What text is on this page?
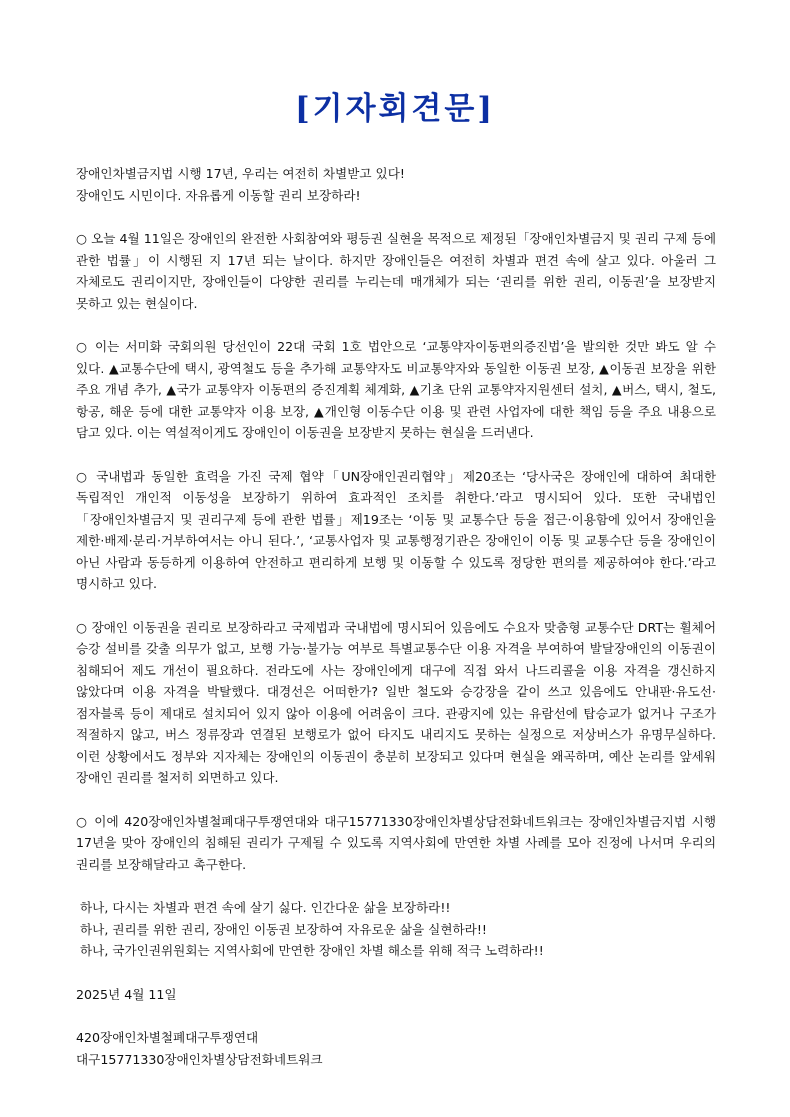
[기자회견문]

장애인차별금지법 시행 17년, 우리는 여전히 차별받고 있다!

장애인도 시민이다. 자유롭게 이동할 권리 보장하라!

○ 오늘 4월 11일은 장애인의 완전한 사회참여와 평등권 실현을 목적으로 제정된「장애인차별금지 및 권리 구제 등에 관한 법률」이 시행된 지 17년 되는 날이다. 하지만 장애인들은 여전히 차별과 편견 속에 살고 있다. 아울러 그 자체로도 권리이지만, 장애인들이 다양한 권리를 누리는데 매개체가 되는 ‘권리를 위한 권리, 이동권’을 보장받지 못하고 있는 현실이다.

○ 이는 서미화 국회의원 당선인이 22대 국회 1호 법안으로 ‘교통약자이동편의증진법’을 발의한 것만 봐도 알 수 있다. ▲교통수단에 택시, 광역철도 등을 추가해 교통약자도 비교통약자와 동일한 이동권 보장, ▲이동권 보장을 위한 주요 개념 추가, ▲국가 교통약자 이동편의 증진계획 체계화, ▲기초 단위 교통약자지원센터 설치, ▲버스, 택시, 철도, 항공, 해운 등에 대한 교통약자 이용 보장, ▲개인형 이동수단 이용 및 관련 사업자에 대한 책임 등을 주요 내용으로 담고 있다. 이는 역설적이게도 장애인이 이동권을 보장받지 못하는 현실을 드러낸다.

○ 국내법과 동일한 효력을 가진 국제 협약「UN장애인권리협약」제20조는 ‘당사국은 장애인에 대하여 최대한 독립적인 개인적 이동성을 보장하기 위하여 효과적인 조치를 취한다.’라고 명시되어 있다. 또한 국내법인「장애인차별금지 및 권리구제 등에 관한 법률」제19조는 ‘이동 및 교통수단 등을 접근·이용함에 있어서 장애인을 제한·배제·분리·거부하여서는 아니 된다.’, ‘교통사업자 및 교통행정기관은 장애인이 이동 및 교통수단 등을 장애인이 아닌 사람과 동등하게 이용하여 안전하고 편리하게 보행 및 이동할 수 있도록 정당한 편의를 제공하여야 한다.’라고 명시하고 있다.

○ 장애인 이동권을 권리로 보장하라고 국제법과 국내법에 명시되어 있음에도 수요자 맞춤형 교통수단 DRT는 휠체어 승강 설비를 갖출 의무가 없고, 보행 가능·불가능 여부로 특별교통수단 이용 자격을 부여하여 발달장애인의 이동권이 침해되어 제도 개선이 필요하다. 전라도에 사는 장애인에게 대구에 직접 와서 나드리콜을 이용 자격을 갱신하지 않았다며 이용 자격을 박탈했다. 대경선은 어떠한가? 일반 철도와 승강장을 같이 쓰고 있음에도 안내판·유도선·점자블록 등이 제대로 설치되어 있지 않아 이용에 어려움이 크다. 관광지에 있는 유람선에 탑승교가 없거나 구조가 적절하지 않고, 버스 정류장과 연결된 보행로가 없어 타지도 내리지도 못하는 실정으로 저상버스가 유명무실하다. 이런 상황에서도 정부와 지자체는 장애인의 이동권이 충분히 보장되고 있다며 현실을 왜곡하며, 예산 논리를 앞세워 장애인 권리를 철저히 외면하고 있다.

○ 이에 420장애인차별철폐대구투쟁연대와 대구15771330장애인차별상담전화네트워크는 장애인차별금지법 시행 17년을 맞아 장애인의 침해된 권리가 구제될 수 있도록 지역사회에 만연한 차별 사례를 모아 진정에 나서며 우리의 권리를 보장해달라고 촉구한다.

하나, 다시는 차별과 편견 속에 살기 싫다. 인간다운 삶을 보장하라!!

하나, 권리를 위한 권리, 장애인 이동권 보장하여 자유로운 삶을 실현하라!!

하나, 국가인권위원회는 지역사회에 만연한 장애인 차별 해소를 위해 적극 노력하라!!

2025년 4월 11일

420장애인차별철폐대구투쟁연대

대구15771330장애인차별상담전화네트워크
